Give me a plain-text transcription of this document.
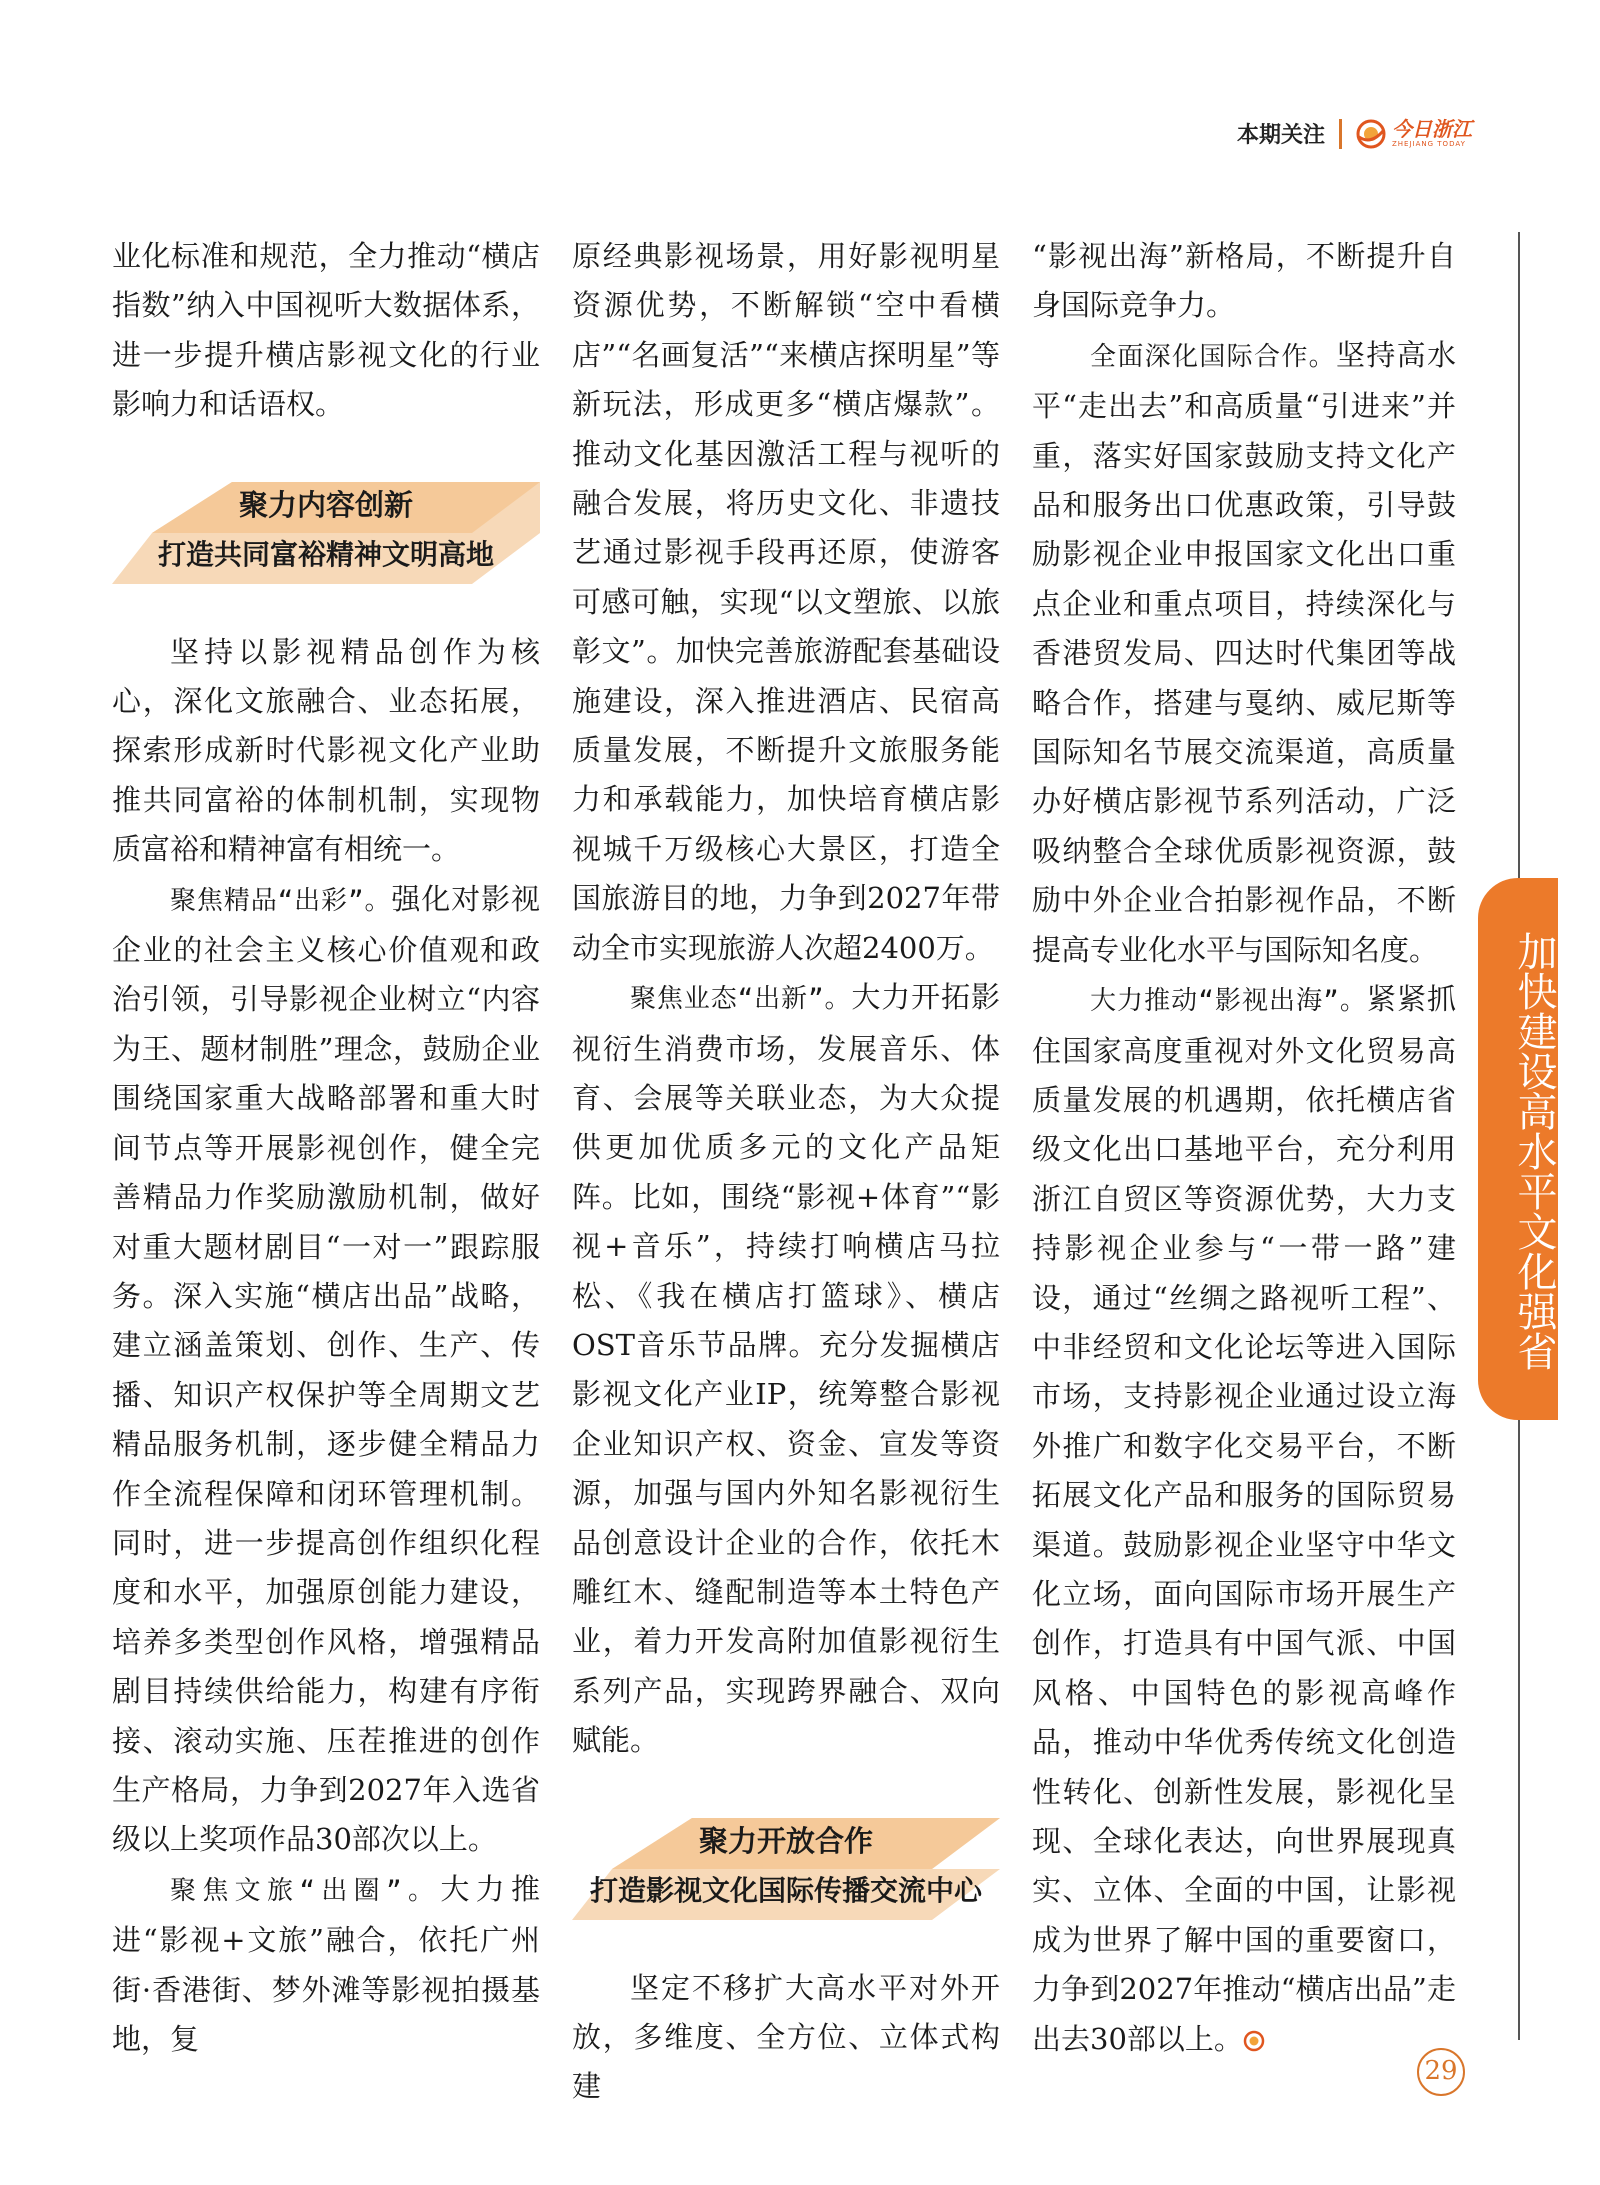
本期关注	今日浙江
ZHEJIANG TODAY

业化标准和规范，全力推动“横店指数”纳入中国视听大数据体系，进一步提升横店影视文化的行业影响力和话语权。

聚力内容创新
打造共同富裕精神文明高地

坚持以影视精品创作为核心，深化文旅融合、业态拓展，探索形成新时代影视文化产业助推共同富裕的体制机制，实现物质富裕和精神富有相统一。

聚焦精品“出彩”。强化对影视企业的社会主义核心价值观和政治引领，引导影视企业树立“内容为王、题材制胜”理念，鼓励企业围绕国家重大战略部署和重大时间节点等开展影视创作，健全完善精品力作奖励激励机制，做好对重大题材剧目“一对一”跟踪服务。深入实施“横店出品”战略，建立涵盖策划、创作、生产、传播、知识产权保护等全周期文艺精品服务机制，逐步健全精品力作全流程保障和闭环管理机制。同时，进一步提高创作组织化程度和水平，加强原创能力建设，培养多类型创作风格，增强精品剧目持续供给能力，构建有序衔接、滚动实施、压茬推进的创作生产格局，力争到2027年入选省级以上奖项作品30部次以上。

聚焦文旅“出圈”。大力推进“影视+文旅”融合，依托广州街·香港街、梦外滩等影视拍摄基地，复

原经典影视场景，用好影视明星资源优势，不断解锁“空中看横店”“名画复活”“来横店探明星”等新玩法，形成更多“横店爆款”。推动文化基因激活工程与视听的融合发展，将历史文化、非遗技艺通过影视手段再还原，使游客可感可触，实现“以文塑旅、以旅彰文”。加快完善旅游配套基础设施建设，深入推进酒店、民宿高质量发展，不断提升文旅服务能力和承载能力，加快培育横店影视城千万级核心大景区，打造全国旅游目的地，力争到2027年带动全市实现旅游人次超2400万。

聚焦业态“出新”。大力开拓影视衍生消费市场，发展音乐、体育、会展等关联业态，为大众提供更加优质多元的文化产品矩阵。比如，围绕“影视+体育”“影视+音乐”，持续打响横店马拉松、《我在横店打篮球》、横店OST音乐节品牌。充分发掘横店影视文化产业IP，统筹整合影视企业知识产权、资金、宣发等资源，加强与国内外知名影视衍生品创意设计企业的合作，依托木雕红木、缝配制造等本土特色产业，着力开发高附加值影视衍生系列产品，实现跨界融合、双向赋能。

聚力开放合作
打造影视文化国际传播交流中心

坚定不移扩大高水平对外开放，多维度、全方位、立体式构建

“影视出海”新格局，不断提升自身国际竞争力。

全面深化国际合作。坚持高水平“走出去”和高质量“引进来”并重，落实好国家鼓励支持文化产品和服务出口优惠政策，引导鼓励影视企业申报国家文化出口重点企业和重点项目，持续深化与香港贸发局、四达时代集团等战略合作，搭建与戛纳、威尼斯等国际知名节展交流渠道，高质量办好横店影视节系列活动，广泛吸纳整合全球优质影视资源，鼓励中外企业合拍影视作品，不断提高专业化水平与国际知名度。

大力推动“影视出海”。紧紧抓住国家高度重视对外文化贸易高质量发展的机遇期，依托横店省级文化出口基地平台，充分利用浙江自贸区等资源优势，大力支持影视企业参与“一带一路”建设，通过“丝绸之路视听工程”、中非经贸和文化论坛等进入国际市场，支持影视企业通过设立海外推广和数字化交易平台，不断拓展文化产品和服务的国际贸易渠道。鼓励影视企业坚守中华文化立场，面向国际市场开展生产创作，打造具有中国气派、中国风格、中国特色的影视高峰作品，推动中华优秀传统文化创造性转化、创新性发展，影视化呈现、全球化表达，向世界展现真实、立体、全面的中国，让影视成为世界了解中国的重要窗口，力争到2027年推动“横店出品”走出去30部以上。

加快建设高水平文化强省
29
